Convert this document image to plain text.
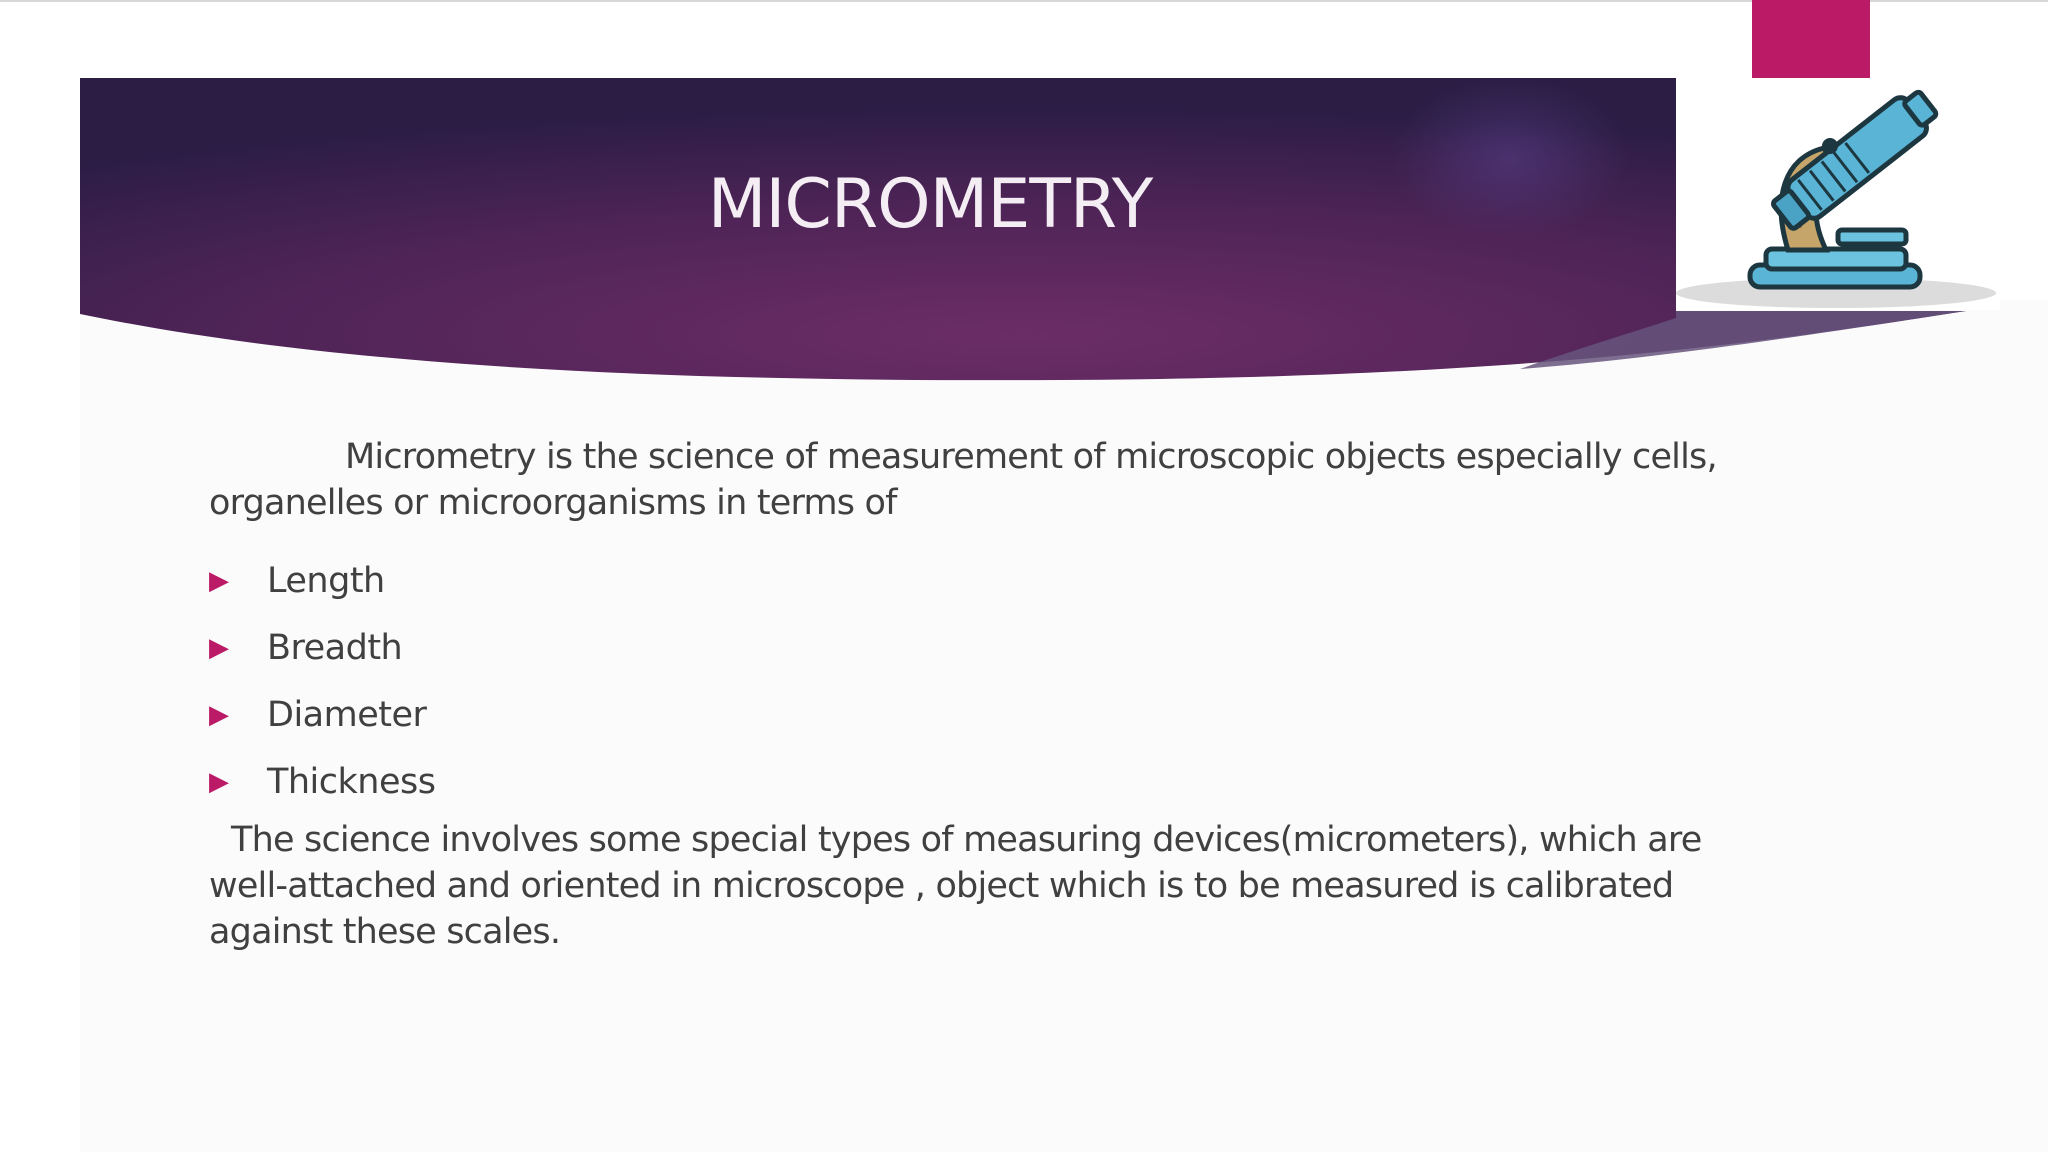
MICROMETRY

Micrometry is the science of measurement of microscopic objects especially cells, organelles or microorganisms in terms of

▶	Length
▶	Breadth
▶	Diameter
▶	Thickness

The science involves some special types of measuring devices(micrometers), which are well-attached and oriented in microscope , object which is to be measured is calibrated against these scales.
